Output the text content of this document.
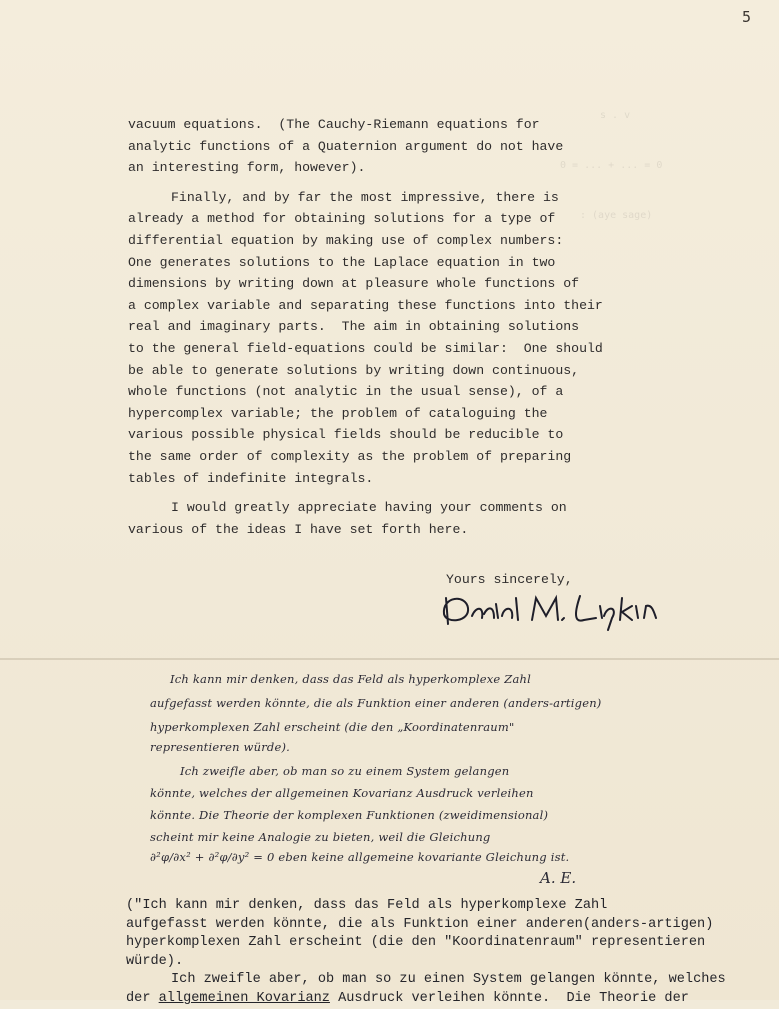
5
s . v
0 = ... + ... = 0
: (aye sage)

vacuum equations.  (The Cauchy-Riemann equations for
analytic functions of a Quaternion argument do not have
an interesting form, however).

Finally, and by far the most impressive, there is
already a method for obtaining solutions for a type of
differential equation by making use of complex numbers:
One generates solutions to the Laplace equation in two
dimensions by writing down at pleasure whole functions of
a complex variable and separating these functions into their
real and imaginary parts.  The aim in obtaining solutions
to the general field-equations could be similar:  One should
be able to generate solutions by writing down continuous,
whole functions (not analytic in the usual sense), of a
hypercomplex variable; the problem of cataloguing the
various possible physical fields should be reducible to
the same order of complexity as the problem of preparing
tables of indefinite integrals.

I would greatly appreciate having your comments on
various of the ideas I have set forth here.

Yours sincerely,
Ich kann mir denken, dass das Feld als hyperkomplexe Zahl
aufgefasst werden könnte, die als Funktion einer anderen (anders-artigen)
hyperkomplexen Zahl erscheint (die den „Koordinatenraum"
representieren würde).
Ich zweifle aber, ob man so zu einem System gelangen
könnte, welches der allgemeinen Kovarianz Ausdruck verleihen
könnte. Die Theorie der komplexen Funktionen (zweidimensional)
scheint mir keine Analogie zu bieten, weil die Gleichung
∂²φ/∂x² + ∂²φ/∂y² = 0 eben keine allgemeine kovariante Gleichung ist.
A. E.

("Ich kann mir denken, dass das Feld als hyperkomplexe Zahl
aufgefasst werden könnte, die als Funktion einer anderen(anders-artigen)
hyperkomplexen Zahl erscheint (die den "Koordinatenraum" representieren
würde).

Ich zweifle aber, ob man so zu einen System gelangen könnte, welches
der allgemeinen Kovarianz Ausdruck verleihen könnte.  Die Theorie der
